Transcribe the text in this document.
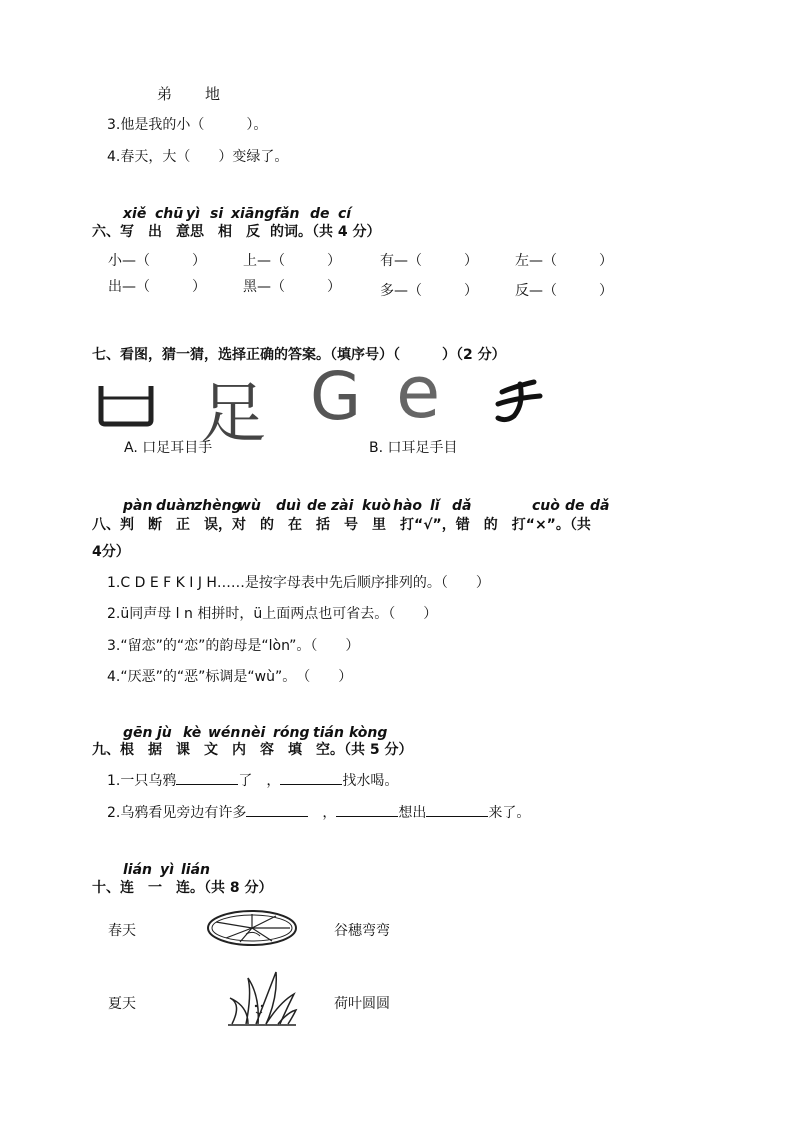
弟 地
3.他是我的小（　　　）。
4.春天，大（　　）变绿了。
xiě chū yì si xiāng fǎn de cí
六、写 出 意思 相 反 的词。（共 4 分）
小—（　　　）	上—（　　　）	有—（　　　）	左—（　　　）
出—（　　　）	黑—（　　　）	多—（　　　）	反—（　　　）
七、看图，猜一猜，选择正确的答案。（填序号）（　　　）（2 分）
足 G e
A. 口足耳目手	B. 口耳足手目
pàn duàn
zhèng
wù duì de zài kuò hào lǐ dǎ	cuò de dǎ
八、判　断　正　误，对　的　在　括　号　里　打“√”，错　的　打“×”。（共
4分）
1.C D E F K I J H……是按字母表中先后顺序排列的。（　　）
2.ü同声母 l n 相拼时，ü上面两点也可省去。（　　）
3.“留恋”的“恋”的韵母是“lòn”。（　　）
4.“厌恶”的“恶”标调是“wù”。　（　　）
gēn jù kè wén nèi róng tián kòng
九、根　据　课　文　内　容　填　空。（共 5 分）
1.一只乌鸦	了　，	找水喝。
2.乌鸦看见旁边有许多	，	想出	来了。
lián yì lián
十、连　一　连。（共 8 分）
春天
夏天
谷穗弯弯
荷叶圆圆
